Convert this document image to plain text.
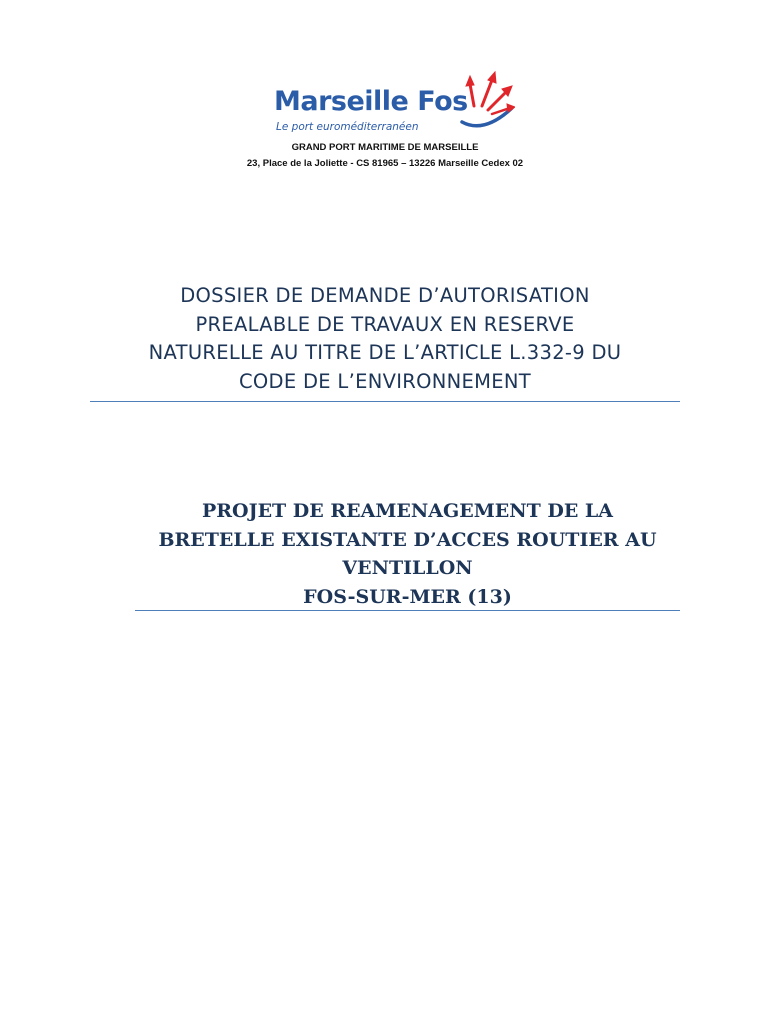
Marseille Fos
Le port euroméditerranéen
GRAND PORT MARITIME DE MARSEILLE
23, Place de la Joliette - CS 81965 – 13226 Marseille Cedex 02
DOSSIER DE DEMANDE D’AUTORISATION
PREALABLE DE TRAVAUX EN RESERVE
NATURELLE AU TITRE DE L’ARTICLE L.332-9 DU
CODE DE L’ENVIRONNEMENT
PROJET DE REAMENAGEMENT DE LA
BRETELLE EXISTANTE D’ACCES ROUTIER AU
VENTILLON
FOS-SUR-MER (13)
